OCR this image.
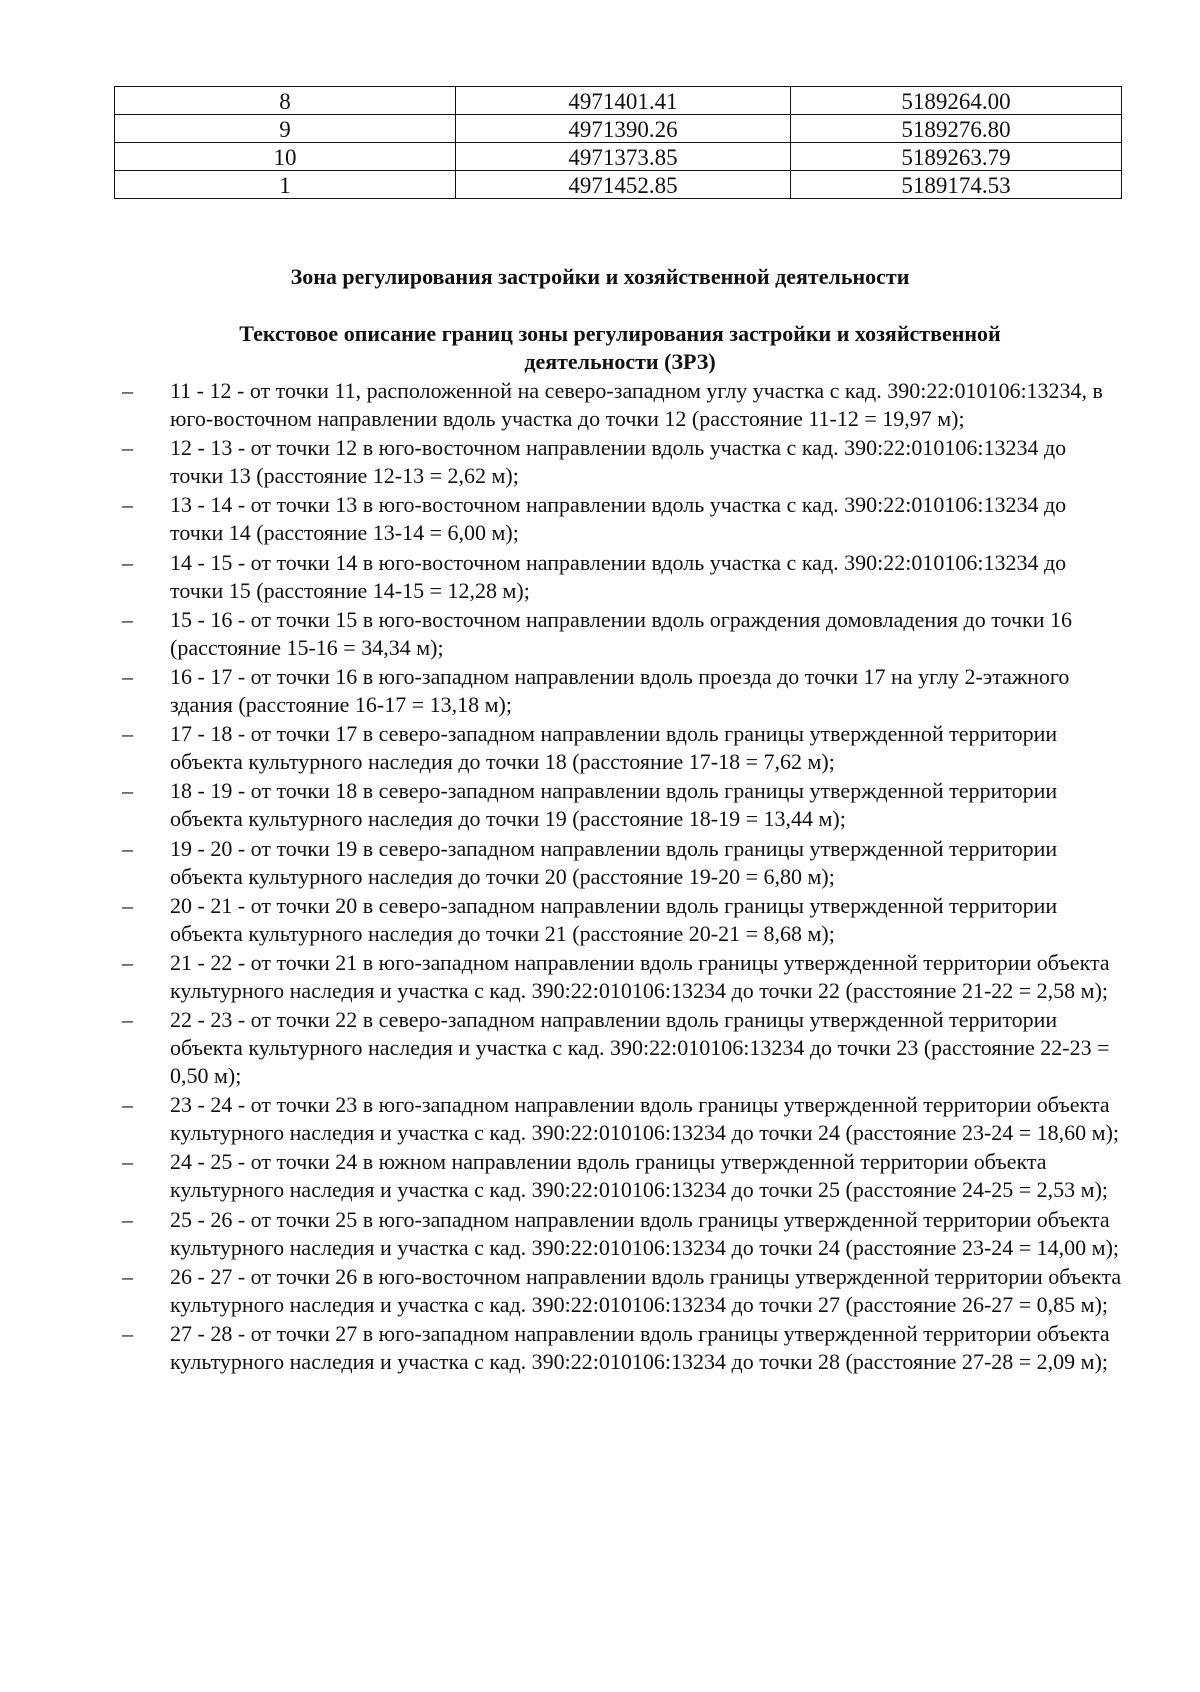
8	4971401.41	5189264.00
9	4971390.26	5189276.80
10	4971373.85	5189263.79
1	4971452.85	5189174.53
Зона регулирования застройки и хозяйственной деятельности
Текстовое описание границ зоны регулирования застройки и хозяйственной деятельности (ЗРЗ)
– 11 - 12 - от точки 11, расположенной на северо-западном углу участка с кад. 390:22:010106:13234, в юго-восточном направлении вдоль участка до точки 12 (расстояние 11-12 = 19,97 м);
– 12 - 13 - от точки 12 в юго-восточном направлении вдоль участка с кад. 390:22:010106:13234 до точки 13 (расстояние 12-13 = 2,62 м);
– 13 - 14 - от точки 13 в юго-восточном направлении вдоль участка с кад. 390:22:010106:13234 до точки 14 (расстояние 13-14 = 6,00 м);
– 14 - 15 - от точки 14 в юго-восточном направлении вдоль участка с кад. 390:22:010106:13234 до точки 15 (расстояние 14-15 = 12,28 м);
– 15 - 16 - от точки 15 в юго-восточном направлении вдоль ограждения домовладения до точки 16 (расстояние 15-16 = 34,34 м);
– 16 - 17 - от точки 16 в юго-западном направлении вдоль проезда до точки 17 на углу 2-этажного здания (расстояние 16-17 = 13,18 м);
– 17 - 18 - от точки 17 в северо-западном направлении вдоль границы утвержденной территории объекта культурного наследия до точки 18 (расстояние 17-18 = 7,62 м);
– 18 - 19 - от точки 18 в северо-западном направлении вдоль границы утвержденной территории объекта культурного наследия до точки 19 (расстояние 18-19 = 13,44 м);
– 19 - 20 - от точки 19 в северо-западном направлении вдоль границы утвержденной территории объекта культурного наследия до точки 20 (расстояние 19-20 = 6,80 м);
– 20 - 21 - от точки 20 в северо-западном направлении вдоль границы утвержденной территории объекта культурного наследия до точки 21 (расстояние 20-21 = 8,68 м);
– 21 - 22 - от точки 21 в юго-западном направлении вдоль границы утвержденной территории объекта культурного наследия и участка с кад. 390:22:010106:13234 до точки 22 (расстояние 21-22 = 2,58 м);
– 22 - 23 - от точки 22 в северо-западном направлении вдоль границы утвержденной территории объекта культурного наследия и участка с кад. 390:22:010106:13234 до точки 23 (расстояние 22-23 = 0,50 м);
– 23 - 24 - от точки 23 в юго-западном направлении вдоль границы утвержденной территории объекта культурного наследия и участка с кад. 390:22:010106:13234 до точки 24 (расстояние 23-24 = 18,60 м);
– 24 - 25 - от точки 24 в южном направлении вдоль границы утвержденной территории объекта культурного наследия и участка с кад. 390:22:010106:13234 до точки 25 (расстояние 24-25 = 2,53 м);
– 25 - 26 - от точки 25 в юго-западном направлении вдоль границы утвержденной территории объекта культурного наследия и участка с кад. 390:22:010106:13234 до точки 24 (расстояние 23-24 = 14,00 м);
– 26 - 27 - от точки 26 в юго-восточном направлении вдоль границы утвержденной территории объекта культурного наследия и участка с кад. 390:22:010106:13234 до точки 27 (расстояние 26-27 = 0,85 м);
– 27 - 28 - от точки 27 в юго-западном направлении вдоль границы утвержденной территории объекта культурного наследия и участка с кад. 390:22:010106:13234 до точки 28 (расстояние 27-28 = 2,09 м);
